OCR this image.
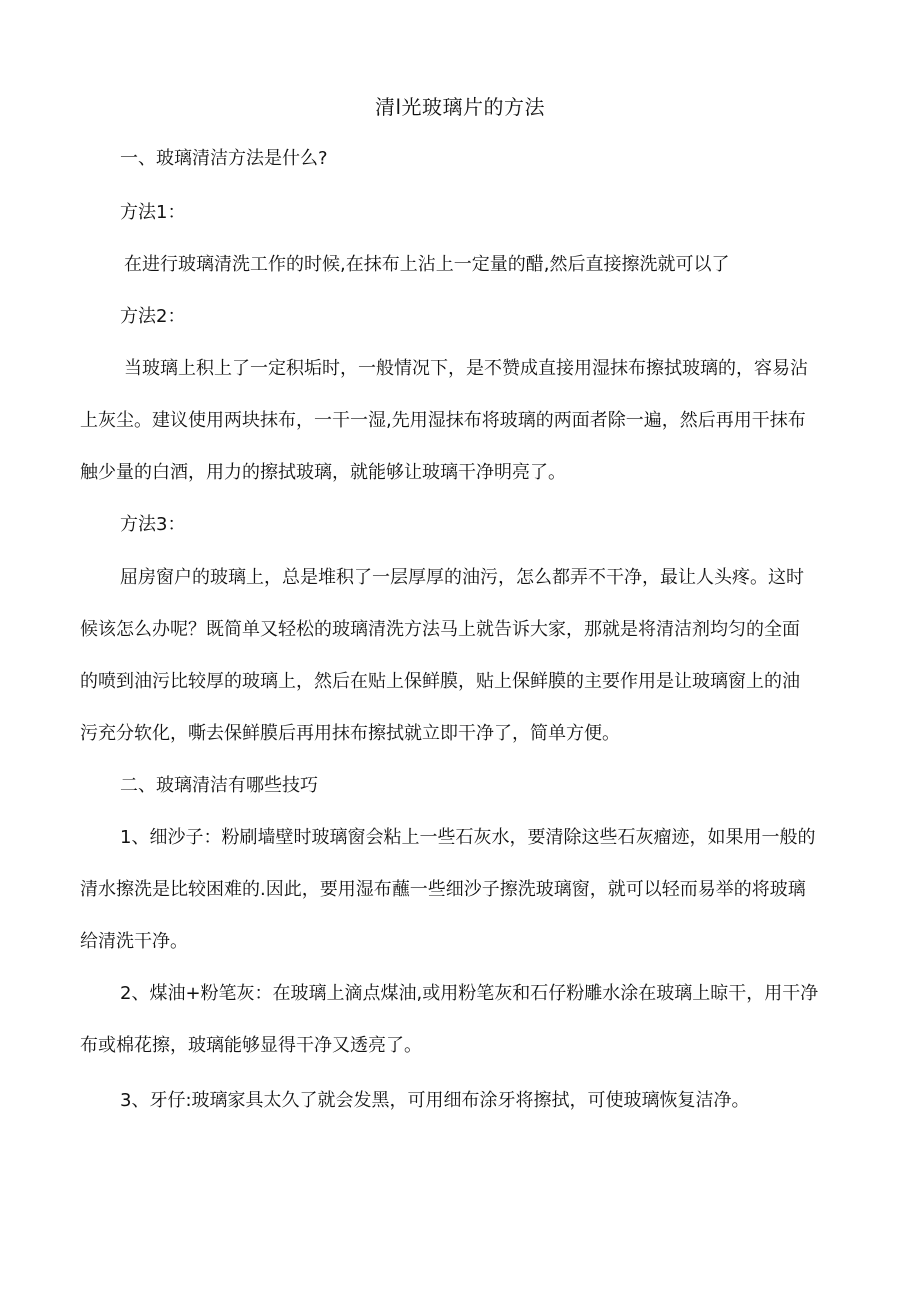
清l光玻璃片的方法
一、玻璃清洁方法是什么?
方法1：
在进行玻璃清洗工作的时候,在抹布上沾上一定量的醋,然后直接擦洗就可以了
方法2：
当玻璃上积上了一定积垢时，一般情况下，是不赞成直接用湿抹布擦拭玻璃的，容易沾
上灰尘。建议使用两块抹布，一干一湿,先用湿抹布将玻璃的两面者除一遍，然后再用干抹布
触少量的白酒，用力的擦拭玻璃，就能够让玻璃干净明亮了。
方法3：
屈房窗户的玻璃上，总是堆积了一层厚厚的油污，怎么都弄不干净，最让人头疼。这时
候该怎么办呢？既简单又轻松的玻璃清洗方法马上就告诉大家，那就是将清洁剂均匀的全面
的喷到油污比较厚的玻璃上，然后在贴上保鲜膜，贴上保鲜膜的主要作用是让玻璃窗上的油
污充分软化，嘶去保鲜膜后再用抹布擦拭就立即干净了，简单方便。
二、玻璃清洁有哪些技巧
1、细沙子：粉刷墙壁时玻璃窗会粘上一些石灰水，要清除这些石灰瘤迹，如果用一般的
清水擦洗是比较困难的.因此，要用湿布蘸一些细沙子擦洗玻璃窗，就可以轻而易举的将玻璃
给清洗干净。
2、煤油+粉笔灰：在玻璃上滴点煤油,或用粉笔灰和石仔粉雕水涂在玻璃上晾干，用干净
布或棉花擦，玻璃能够显得干净又透亮了。
3、牙仔:玻璃家具太久了就会发黑，可用细布涂牙将擦拭，可使玻璃恢复洁净。
